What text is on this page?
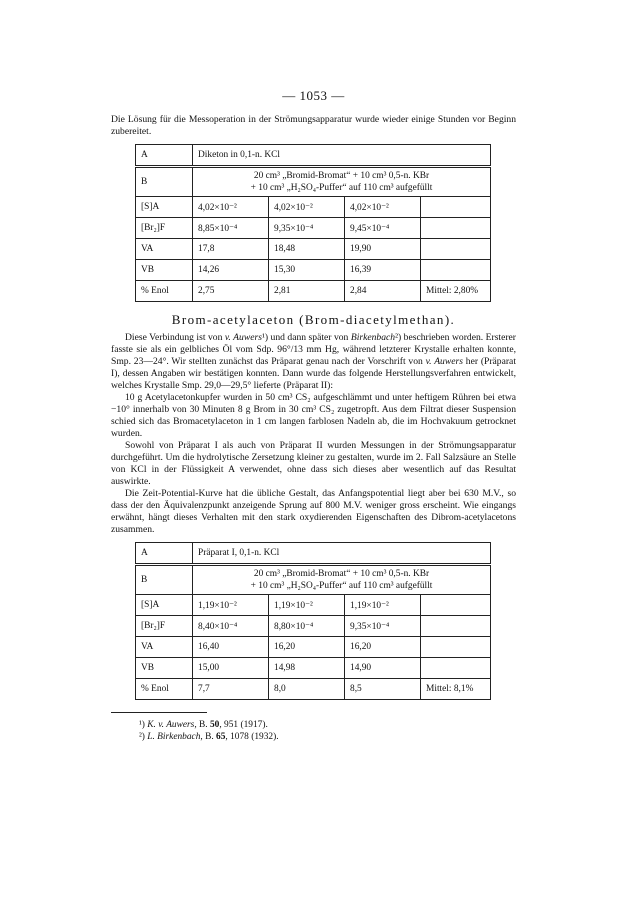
— 1053 —

Die Lösung für die Messoperation in der Strömungsapparatur wurde wieder einige Stunden vor Beginn zubereitet.

A	Diketon in 0,1-n. KCl			
B	20 cm³ „Bromid-Bromat“ + 10 cm³ 0,5-n. KBr
+ 10 cm³ „H₂SO₄-Puffer“ auf 110 cm³ aufgefüllt			

[S]A	4,02×10⁻²	4,02×10⁻²	4,02×10⁻²	
[Br₂]F	8,85×10⁻⁴	9,35×10⁻⁴	9,45×10⁻⁴	
VA	17,8	18,48	19,90	
VB	14,26	15,30	16,39	
% Enol	2,75	2,81	2,84	Mittel: 2,80%
Brom-acetylaceton (Brom-diacetylmethan).

Diese Verbindung ist von v. Auwers¹) und dann später von Birkenbach²) beschrieben worden. Ersterer fasste sie als ein gelbliches Öl vom Sdp. 96°/13 mm Hg, während letzterer Krystalle erhalten konnte, Smp. 23—24°. Wir stellten zunächst das Präparat genau nach der Vorschrift von v. Auwers her (Präparat I), dessen Angaben wir bestätigen konnten. Dann wurde das folgende Herstellungsverfahren entwickelt, welches Krystalle Smp. 29,0—29,5° lieferte (Präparat II):

10 g Acetylacetonkupfer wurden in 50 cm³ CS₂ aufgeschlämmt und unter heftigem Rühren bei etwa −10° innerhalb von 30 Minuten 8 g Brom in 30 cm³ CS₂ zugetropft. Aus dem Filtrat dieser Suspension schied sich das Bromacetylaceton in 1 cm langen farblosen Nadeln ab, die im Hochvakuum getrocknet wurden.

Sowohl von Präparat I als auch von Präparat II wurden Messungen in der Strömungsapparatur durchgeführt. Um die hydrolytische Zersetzung kleiner zu gestalten, wurde im 2. Fall Salzsäure an Stelle von KCl in der Flüssigkeit A verwendet, ohne dass sich dieses aber wesentlich auf das Resultat auswirkte.

Die Zeit-Potential-Kurve hat die übliche Gestalt, das Anfangspotential liegt aber bei 630 M.V., so dass der den Äquivalenzpunkt anzeigende Sprung auf 800 M.V. weniger gross erscheint. Wie eingangs erwähnt, hängt dieses Verhalten mit den stark oxydierenden Eigenschaften des Dibrom-acetylacetons zusammen.

A	Präparat I, 0,1-n. KCl			
B	20 cm³ „Bromid-Bromat“ + 10 cm³ 0,5-n. KBr
+ 10 cm³ „H₂SO₄-Puffer“ auf 110 cm³ aufgefüllt			

[S]A	1,19×10⁻²	1,19×10⁻²	1,19×10⁻²	
[Br₂]F	8,40×10⁻⁴	8,80×10⁻⁴	9,35×10⁻⁴	
VA	16,40	16,20	16,20	
VB	15,00	14,98	14,90	
% Enol	7,7	8,0	8,5	Mittel: 8,1%
¹) K. v. Auwers, B. 50, 951 (1917).
²) L. Birkenbach, B. 65, 1078 (1932).
